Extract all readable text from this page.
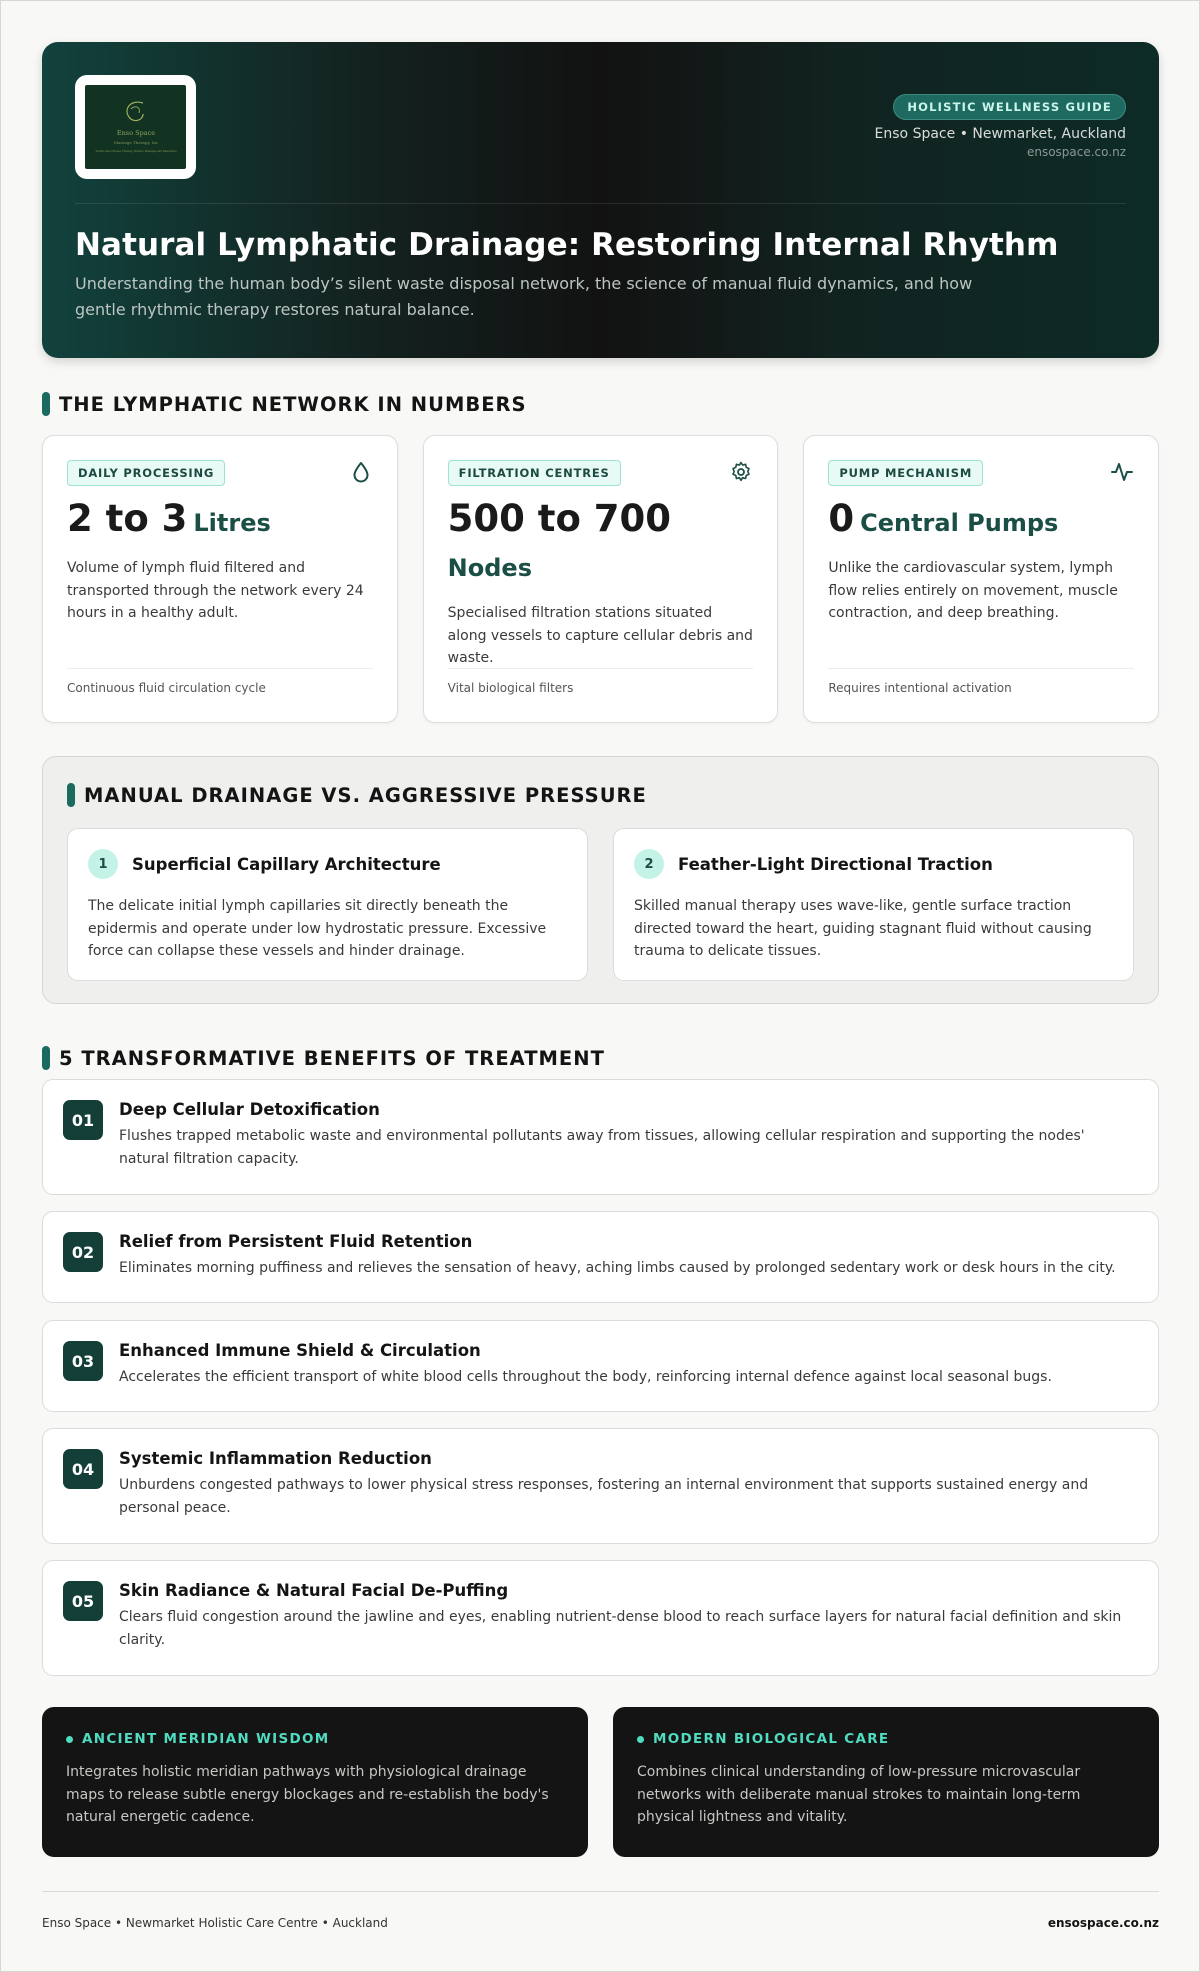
Enso Space
Massage Therapy, Inc
Traditional Chinese Therapy Holistic Massage and Relaxation
HOLISTIC WELLNESS GUIDE
Enso Space • Newmarket, Auckland
ensospace.co.nz
Natural Lymphatic Drainage: Restoring Internal Rhythm

Understanding the human body’s silent waste disposal network, the science of manual fluid dynamics, and how gentle rhythmic therapy restores natural balance.

THE LYMPHATIC NETWORK IN NUMBERS
DAILY PROCESSING
2 to 3 Litres

Volume of lymph fluid filtered and transported through the network every 24 hours in a healthy adult.

Continuous fluid circulation cycle
FILTRATION CENTRES
500 to 700
Nodes

Specialised filtration stations situated along vessels to capture cellular debris and waste.

Vital biological filters
PUMP MECHANISM
0 Central Pumps

Unlike the cardiovascular system, lymph flow relies entirely on movement, muscle contraction, and deep breathing.

Requires intentional activation
MANUAL DRAINAGE VS. AGGRESSIVE PRESSURE
1	Superficial Capillary Architecture

The delicate initial lymph capillaries sit directly beneath the epidermis and operate under low hydrostatic pressure. Excessive force can collapse these vessels and hinder drainage.

2	Feather-Light Directional Traction

Skilled manual therapy uses wave-like, gentle surface traction directed toward the heart, guiding stagnant fluid without causing trauma to delicate tissues.

5 TRANSFORMATIVE BENEFITS OF TREATMENT
01
Deep Cellular Detoxification

Flushes trapped metabolic waste and environmental pollutants away from tissues, allowing cellular respiration and supporting the nodes' natural filtration capacity.

02
Relief from Persistent Fluid Retention

Eliminates morning puffiness and relieves the sensation of heavy, aching limbs caused by prolonged sedentary work or desk hours in the city.

03
Enhanced Immune Shield & Circulation

Accelerates the efficient transport of white blood cells throughout the body, reinforcing internal defence against local seasonal bugs.

04
Systemic Inflammation Reduction

Unburdens congested pathways to lower physical stress responses, fostering an internal environment that supports sustained energy and personal peace.

05
Skin Radiance & Natural Facial De-Puffing

Clears fluid congestion around the jawline and eyes, enabling nutrient-dense blood to reach surface layers for natural facial definition and skin clarity.

ANCIENT MERIDIAN WISDOM

Integrates holistic meridian pathways with physiological drainage maps to release subtle energy blockages and re-establish the body's natural energetic cadence.

MODERN BIOLOGICAL CARE

Combines clinical understanding of low-pressure microvascular networks with deliberate manual strokes to maintain long-term physical lightness and vitality.

Enso Space • Newmarket Holistic Care Centre • Auckland	ensospace.co.nz
